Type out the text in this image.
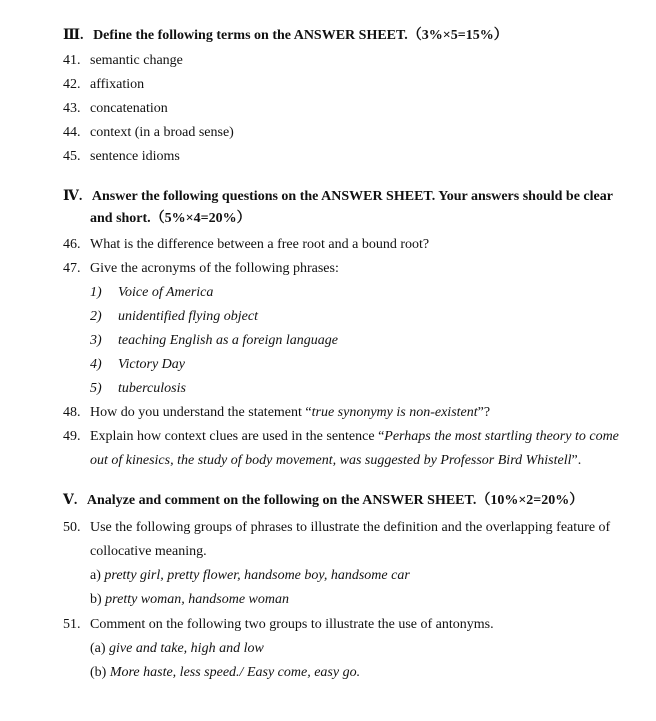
Ⅲ. Define the following terms on the ANSWER SHEET.（3%×5=15%）
41. semantic change
42. affixation
43. concatenation
44. context (in a broad sense)
45. sentence idioms
Ⅳ. Answer the following questions on the ANSWER SHEET. Your answers should be clear
and short.（5%×4=20%）
46. What is the difference between a free root and a bound root?
47. Give the acronyms of the following phrases:
1) Voice of America
2) unidentified flying object
3) teaching English as a foreign language
4) Victory Day
5) tuberculosis
48. How do you understand the statement “true synonymy is non-existent”?
49. Explain how context clues are used in the sentence “Perhaps the most startling theory to come
out of kinesics, the study of body movement, was suggested by Professor Bird Whistell”.
Ⅴ. Analyze and comment on the following on the ANSWER SHEET.（10%×2=20%）
50. Use the following groups of phrases to illustrate the definition and the overlapping feature of
collocative meaning.
a) pretty girl, pretty flower, handsome boy, handsome car
b) pretty woman, handsome woman
51. Comment on the following two groups to illustrate the use of antonyms.
(a) give and take, high and low
(b) More haste, less speed./ Easy come, easy go.
